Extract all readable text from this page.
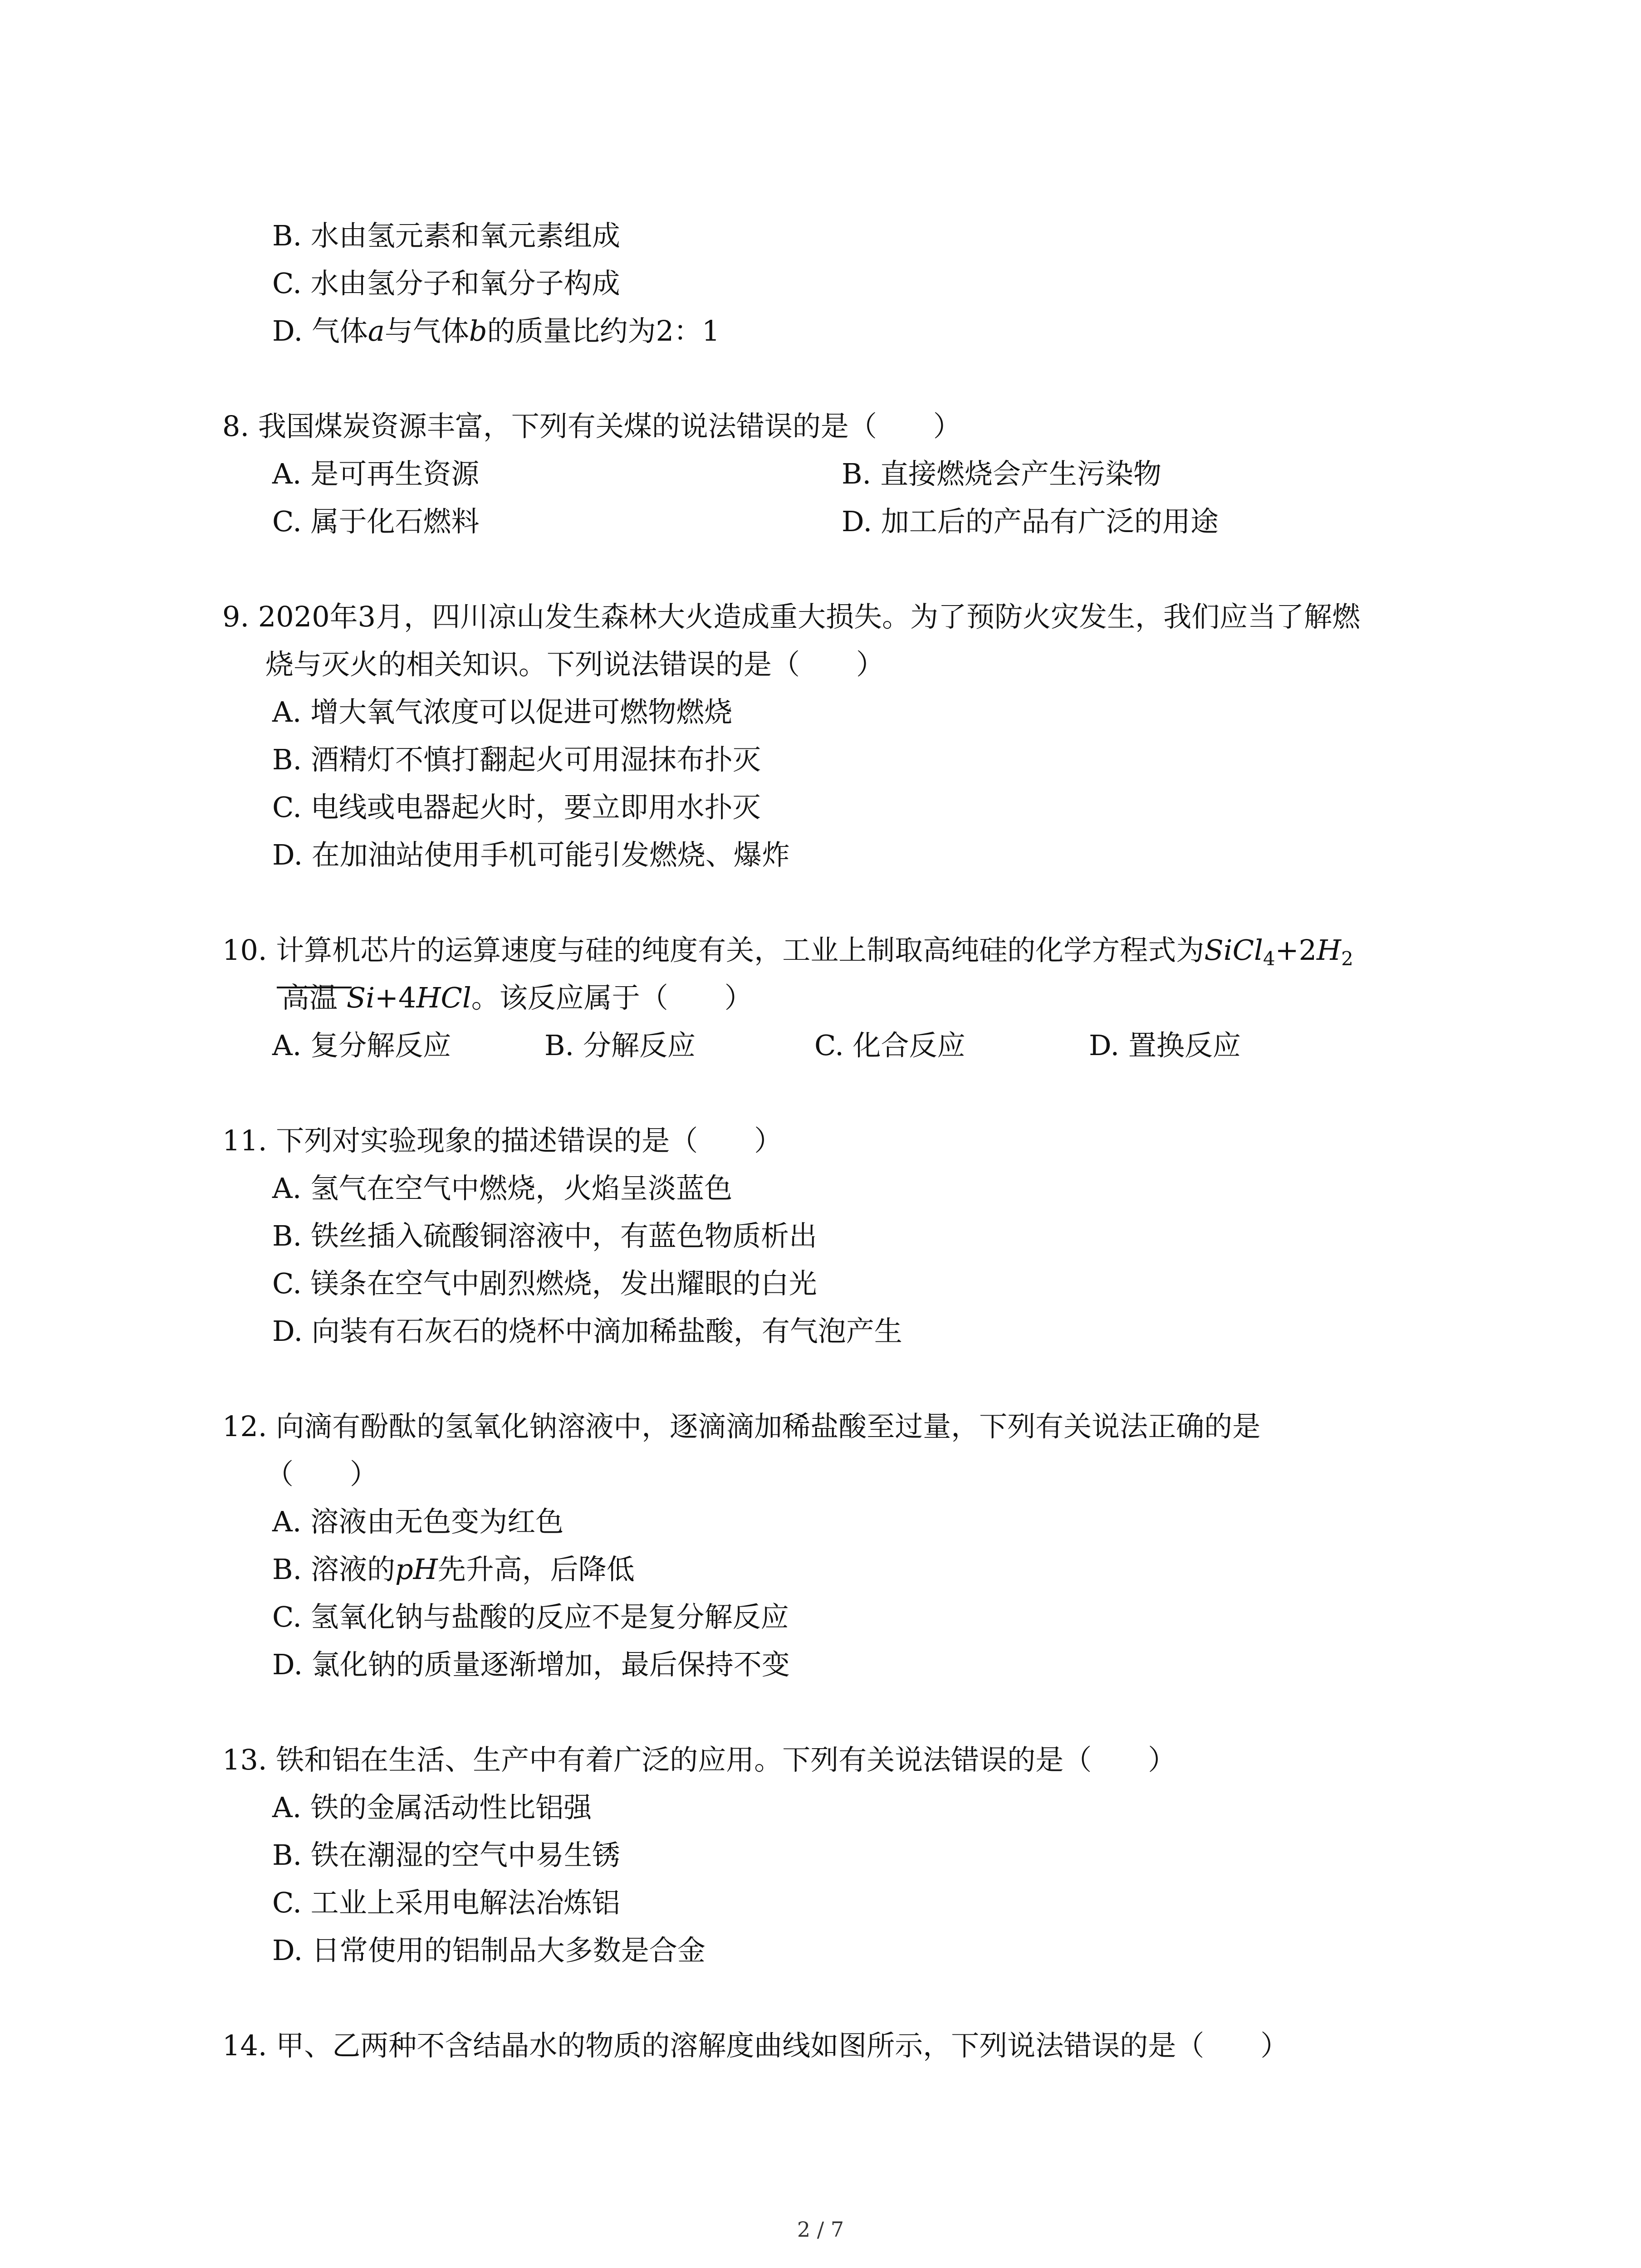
B. 水由氢元素和氧元素组成
C. 水由氢分子和氧分子构成
D. 气体a与气体b的质量比约为2：1
8. 我国煤炭资源丰富，下列有关煤的说法错误的是（　　）
A. 是可再生资源	B. 直接燃烧会产生污染物
C. 属于化石燃料	D. 加工后的产品有广泛的用途
9. 2020年3月，四川凉山发生森林大火造成重大损失。为了预防火灾发生，我们应当了解燃
烧与灭火的相关知识。下列说法错误的是（　　）
A. 增大氧气浓度可以促进可燃物燃烧
B. 酒精灯不慎打翻起火可用湿抹布扑灭
C. 电线或电器起火时，要立即用水扑灭
D. 在加油站使用手机可能引发燃烧、爆炸
10. 计算机芯片的运算速度与硅的纯度有关，工业上制取高纯硅的化学方程式为$SiCl_4+2H_2$
高温 Si+4HCl。该反应属于（　　）
A. 复分解反应	B. 分解反应	C. 化合反应	D. 置换反应
11. 下列对实验现象的描述错误的是（　　）
A. 氢气在空气中燃烧，火焰呈淡蓝色
B. 铁丝插入硫酸铜溶液中，有蓝色物质析出
C. 镁条在空气中剧烈燃烧，发出耀眼的白光
D. 向装有石灰石的烧杯中滴加稀盐酸，有气泡产生
12. 向滴有酚酞的氢氧化钠溶液中，逐滴滴加稀盐酸至过量，下列有关说法正确的是
（　　）
A. 溶液由无色变为红色
B. 溶液的pH先升高，后降低
C. 氢氧化钠与盐酸的反应不是复分解反应
D. 氯化钠的质量逐渐增加，最后保持不变
13. 铁和铝在生活、生产中有着广泛的应用。下列有关说法错误的是（　　）
A. 铁的金属活动性比铝强
B. 铁在潮湿的空气中易生锈
C. 工业上采用电解法冶炼铝
D. 日常使用的铝制品大多数是合金
14. 甲、乙两种不含结晶水的物质的溶解度曲线如图所示，下列说法错误的是（　　）
2 / 7
